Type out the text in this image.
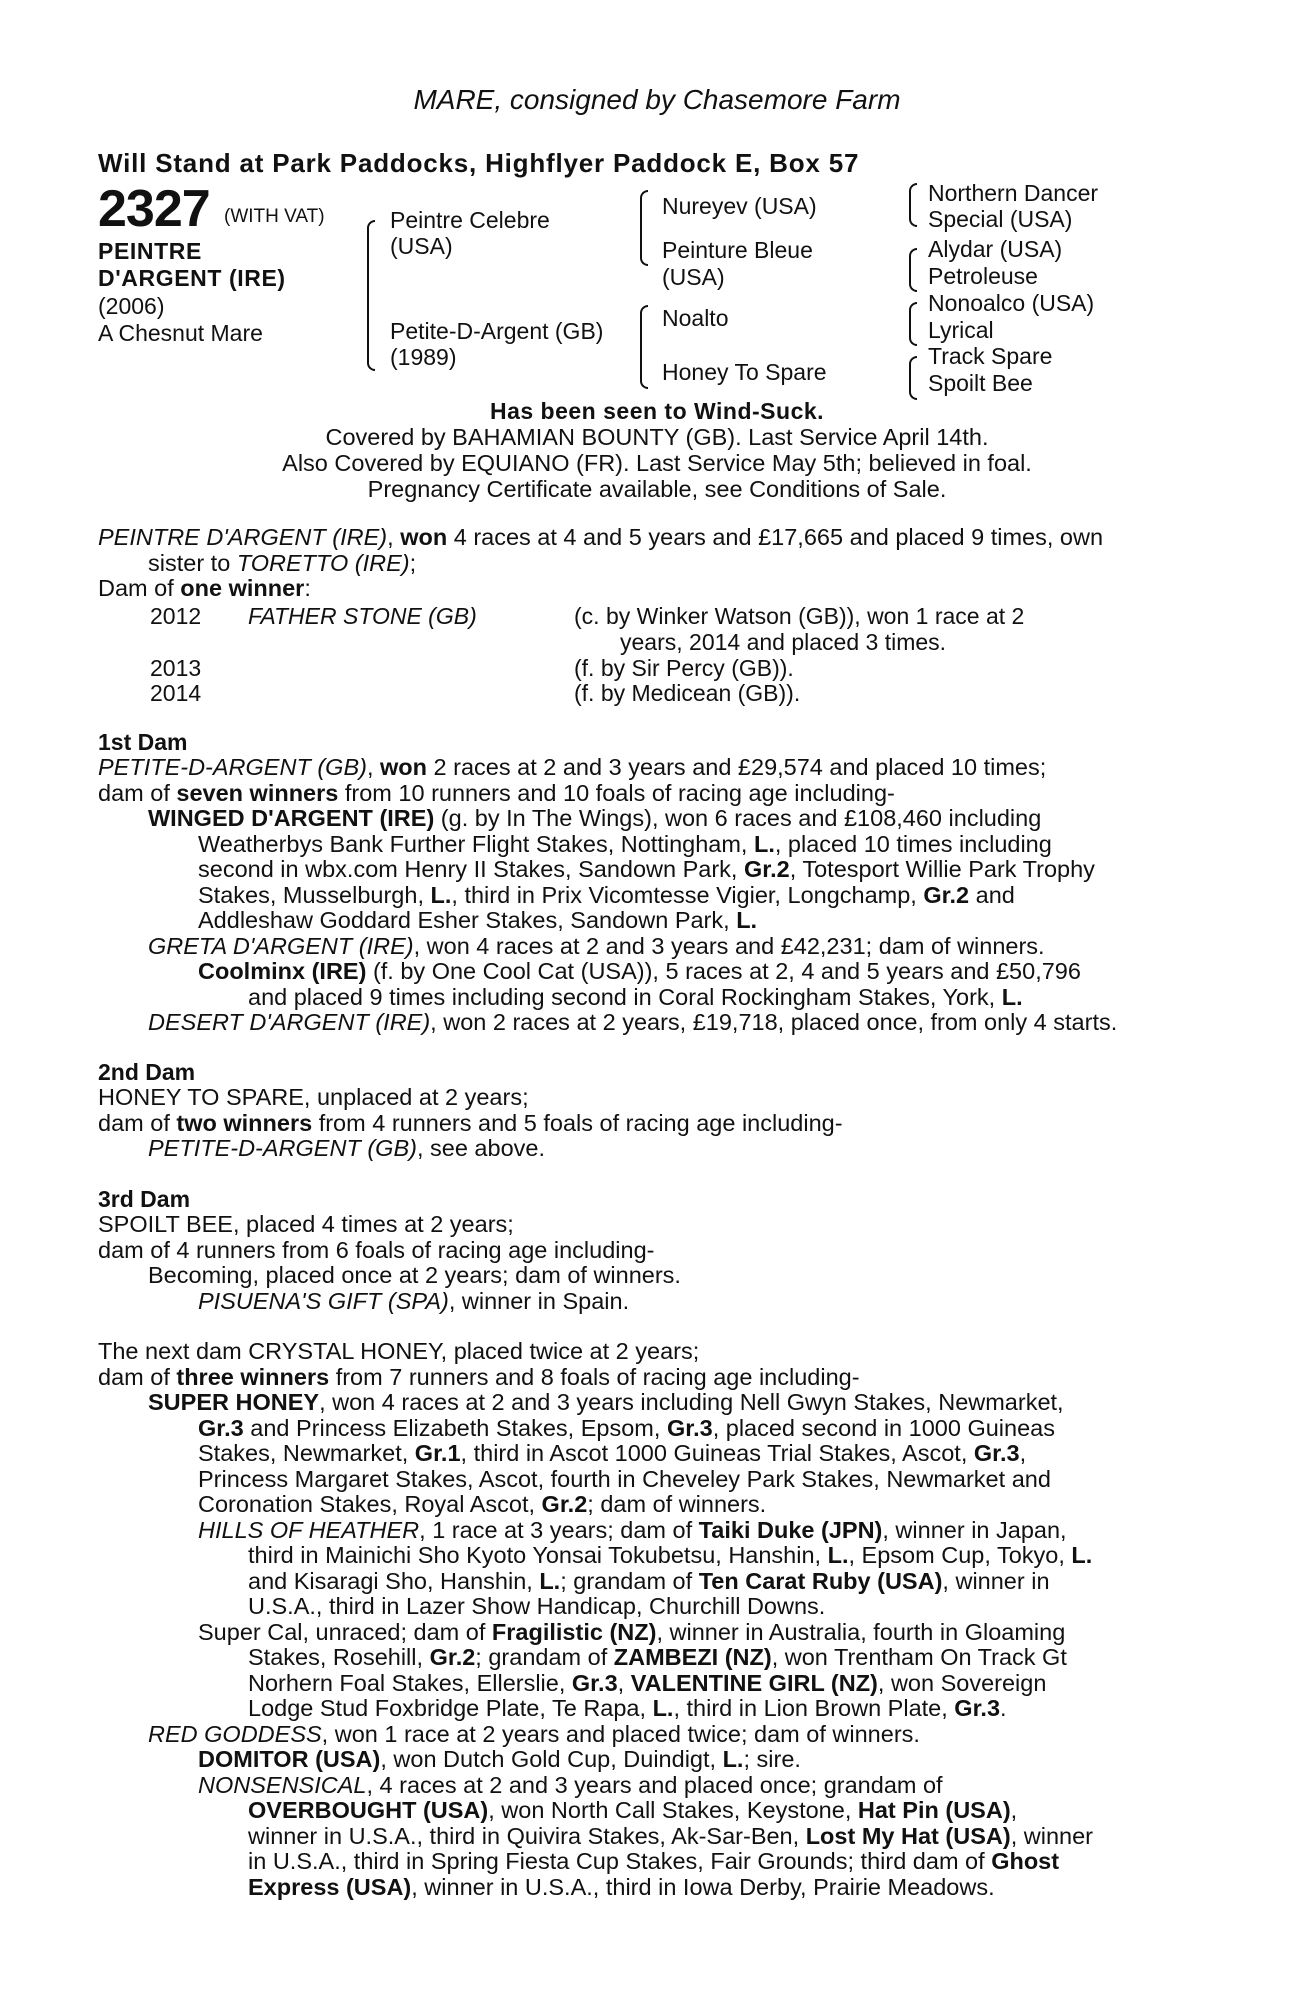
MARE, consigned by Chasemore Farm
Will Stand at Park Paddocks, Highflyer Paddock E, Box 57
2327 (WITH VAT)
PEINTRE
D'ARGENT (IRE)
(2006)
A Chesnut Mare
Peintre Celebre
(USA)
Petite-D-Argent (GB)
(1989)
Nureyev (USA)
Peinture Bleue
(USA)
Noalto
Honey To Spare
Northern Dancer
Special (USA)
Alydar (USA)
Petroleuse
Nonoalco (USA)
Lyrical
Track Spare
Spoilt Bee
Has been seen to Wind-Suck.
Covered by BAHAMIAN BOUNTY (GB). Last Service April 14th.
Also Covered by EQUIANO (FR). Last Service May 5th; believed in foal.
Pregnancy Certificate available, see Conditions of Sale.
PEINTRE D'ARGENT (IRE), won 4 races at 4 and 5 years and £17,665 and placed 9 times, own
sister to TORETTO (IRE);
Dam of one winner:
2012 FATHER STONE (GB)	(c. by Winker Watson (GB)), won 1 race at 2
years, 2014 and placed 3 times.
2013	(f. by Sir Percy (GB)).
2014	(f. by Medicean (GB)).
1st Dam
PETITE-D-ARGENT (GB), won 2 races at 2 and 3 years and £29,574 and placed 10 times;
dam of seven winners from 10 runners and 10 foals of racing age including-
WINGED D'ARGENT (IRE) (g. by In The Wings), won 6 races and £108,460 including
Weatherbys Bank Further Flight Stakes, Nottingham, L., placed 10 times including
second in wbx.com Henry II Stakes, Sandown Park, Gr.2, Totesport Willie Park Trophy
Stakes, Musselburgh, L., third in Prix Vicomtesse Vigier, Longchamp, Gr.2 and
Addleshaw Goddard Esher Stakes, Sandown Park, L.
GRETA D'ARGENT (IRE), won 4 races at 2 and 3 years and £42,231; dam of winners.
Coolminx (IRE) (f. by One Cool Cat (USA)), 5 races at 2, 4 and 5 years and £50,796
and placed 9 times including second in Coral Rockingham Stakes, York, L.
DESERT D'ARGENT (IRE), won 2 races at 2 years, £19,718, placed once, from only 4 starts.
2nd Dam
HONEY TO SPARE, unplaced at 2 years;
dam of two winners from 4 runners and 5 foals of racing age including-
PETITE-D-ARGENT (GB), see above.
3rd Dam
SPOILT BEE, placed 4 times at 2 years;
dam of 4 runners from 6 foals of racing age including-
Becoming, placed once at 2 years; dam of winners.
PISUENA'S GIFT (SPA), winner in Spain.
The next dam CRYSTAL HONEY, placed twice at 2 years;
dam of three winners from 7 runners and 8 foals of racing age including-
SUPER HONEY, won 4 races at 2 and 3 years including Nell Gwyn Stakes, Newmarket,
Gr.3 and Princess Elizabeth Stakes, Epsom, Gr.3, placed second in 1000 Guineas
Stakes, Newmarket, Gr.1, third in Ascot 1000 Guineas Trial Stakes, Ascot, Gr.3,
Princess Margaret Stakes, Ascot, fourth in Cheveley Park Stakes, Newmarket and
Coronation Stakes, Royal Ascot, Gr.2; dam of winners.
HILLS OF HEATHER, 1 race at 3 years; dam of Taiki Duke (JPN), winner in Japan,
third in Mainichi Sho Kyoto Yonsai Tokubetsu, Hanshin, L., Epsom Cup, Tokyo, L.
and Kisaragi Sho, Hanshin, L.; grandam of Ten Carat Ruby (USA), winner in
U.S.A., third in Lazer Show Handicap, Churchill Downs.
Super Cal, unraced; dam of Fragilistic (NZ), winner in Australia, fourth in Gloaming
Stakes, Rosehill, Gr.2; grandam of ZAMBEZI (NZ), won Trentham On Track Gt
Norhern Foal Stakes, Ellerslie, Gr.3, VALENTINE GIRL (NZ), won Sovereign
Lodge Stud Foxbridge Plate, Te Rapa, L., third in Lion Brown Plate, Gr.3.
RED GODDESS, won 1 race at 2 years and placed twice; dam of winners.
DOMITOR (USA), won Dutch Gold Cup, Duindigt, L.; sire.
NONSENSICAL, 4 races at 2 and 3 years and placed once; grandam of
OVERBOUGHT (USA), won North Call Stakes, Keystone, Hat Pin (USA),
winner in U.S.A., third in Quivira Stakes, Ak-Sar-Ben, Lost My Hat (USA), winner
in U.S.A., third in Spring Fiesta Cup Stakes, Fair Grounds; third dam of Ghost
Express (USA), winner in U.S.A., third in Iowa Derby, Prairie Meadows.
